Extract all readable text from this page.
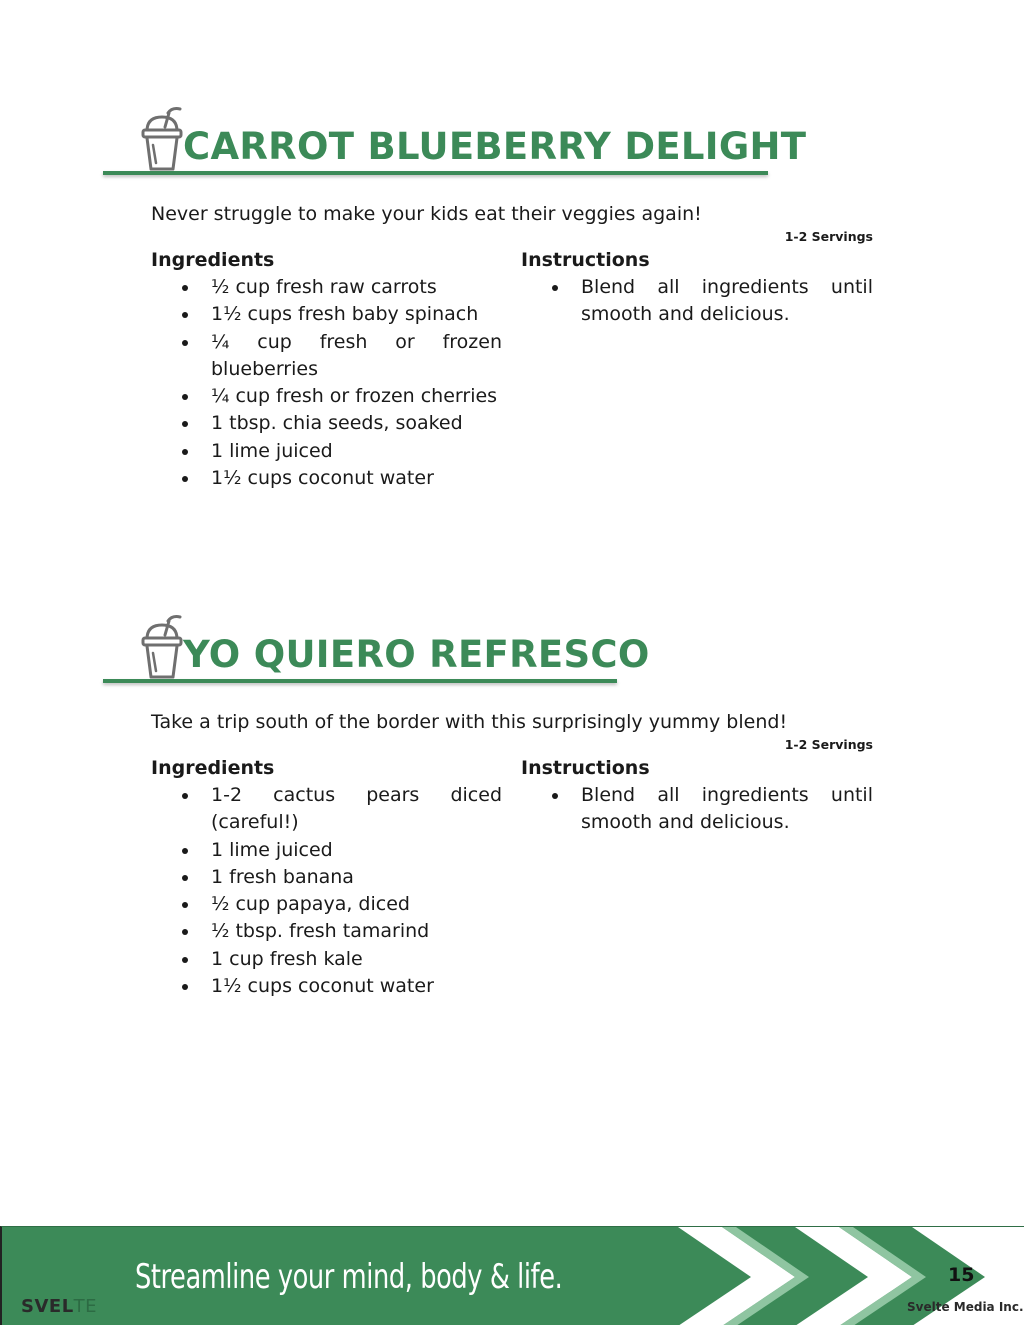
CARROT BLUEBERRY DELIGHT
Never struggle to make your kids eat their veggies again!
1-2 Servings
Ingredients
½ cup fresh raw carrots
1½ cups fresh baby spinach
¼ cup fresh or frozen blueberries
¼ cup fresh or frozen cherries
1 tbsp. chia seeds, soaked
1 lime juiced
1½ cups coconut water
Instructions
Blend all ingredients until smooth and delicious.
YO QUIERO REFRESCO
Take a trip south of the border with this surprisingly yummy blend!
1-2 Servings
Ingredients
1-2 cactus pears diced (careful!)
1 lime juiced
1 fresh banana
½ cup papaya, diced
½ tbsp. fresh tamarind
1 cup fresh kale
1½ cups coconut water
Instructions
Blend all ingredients until smooth and delicious.
Streamline your mind, body & life.
SVELTE
15
Svelte Media Inc.
